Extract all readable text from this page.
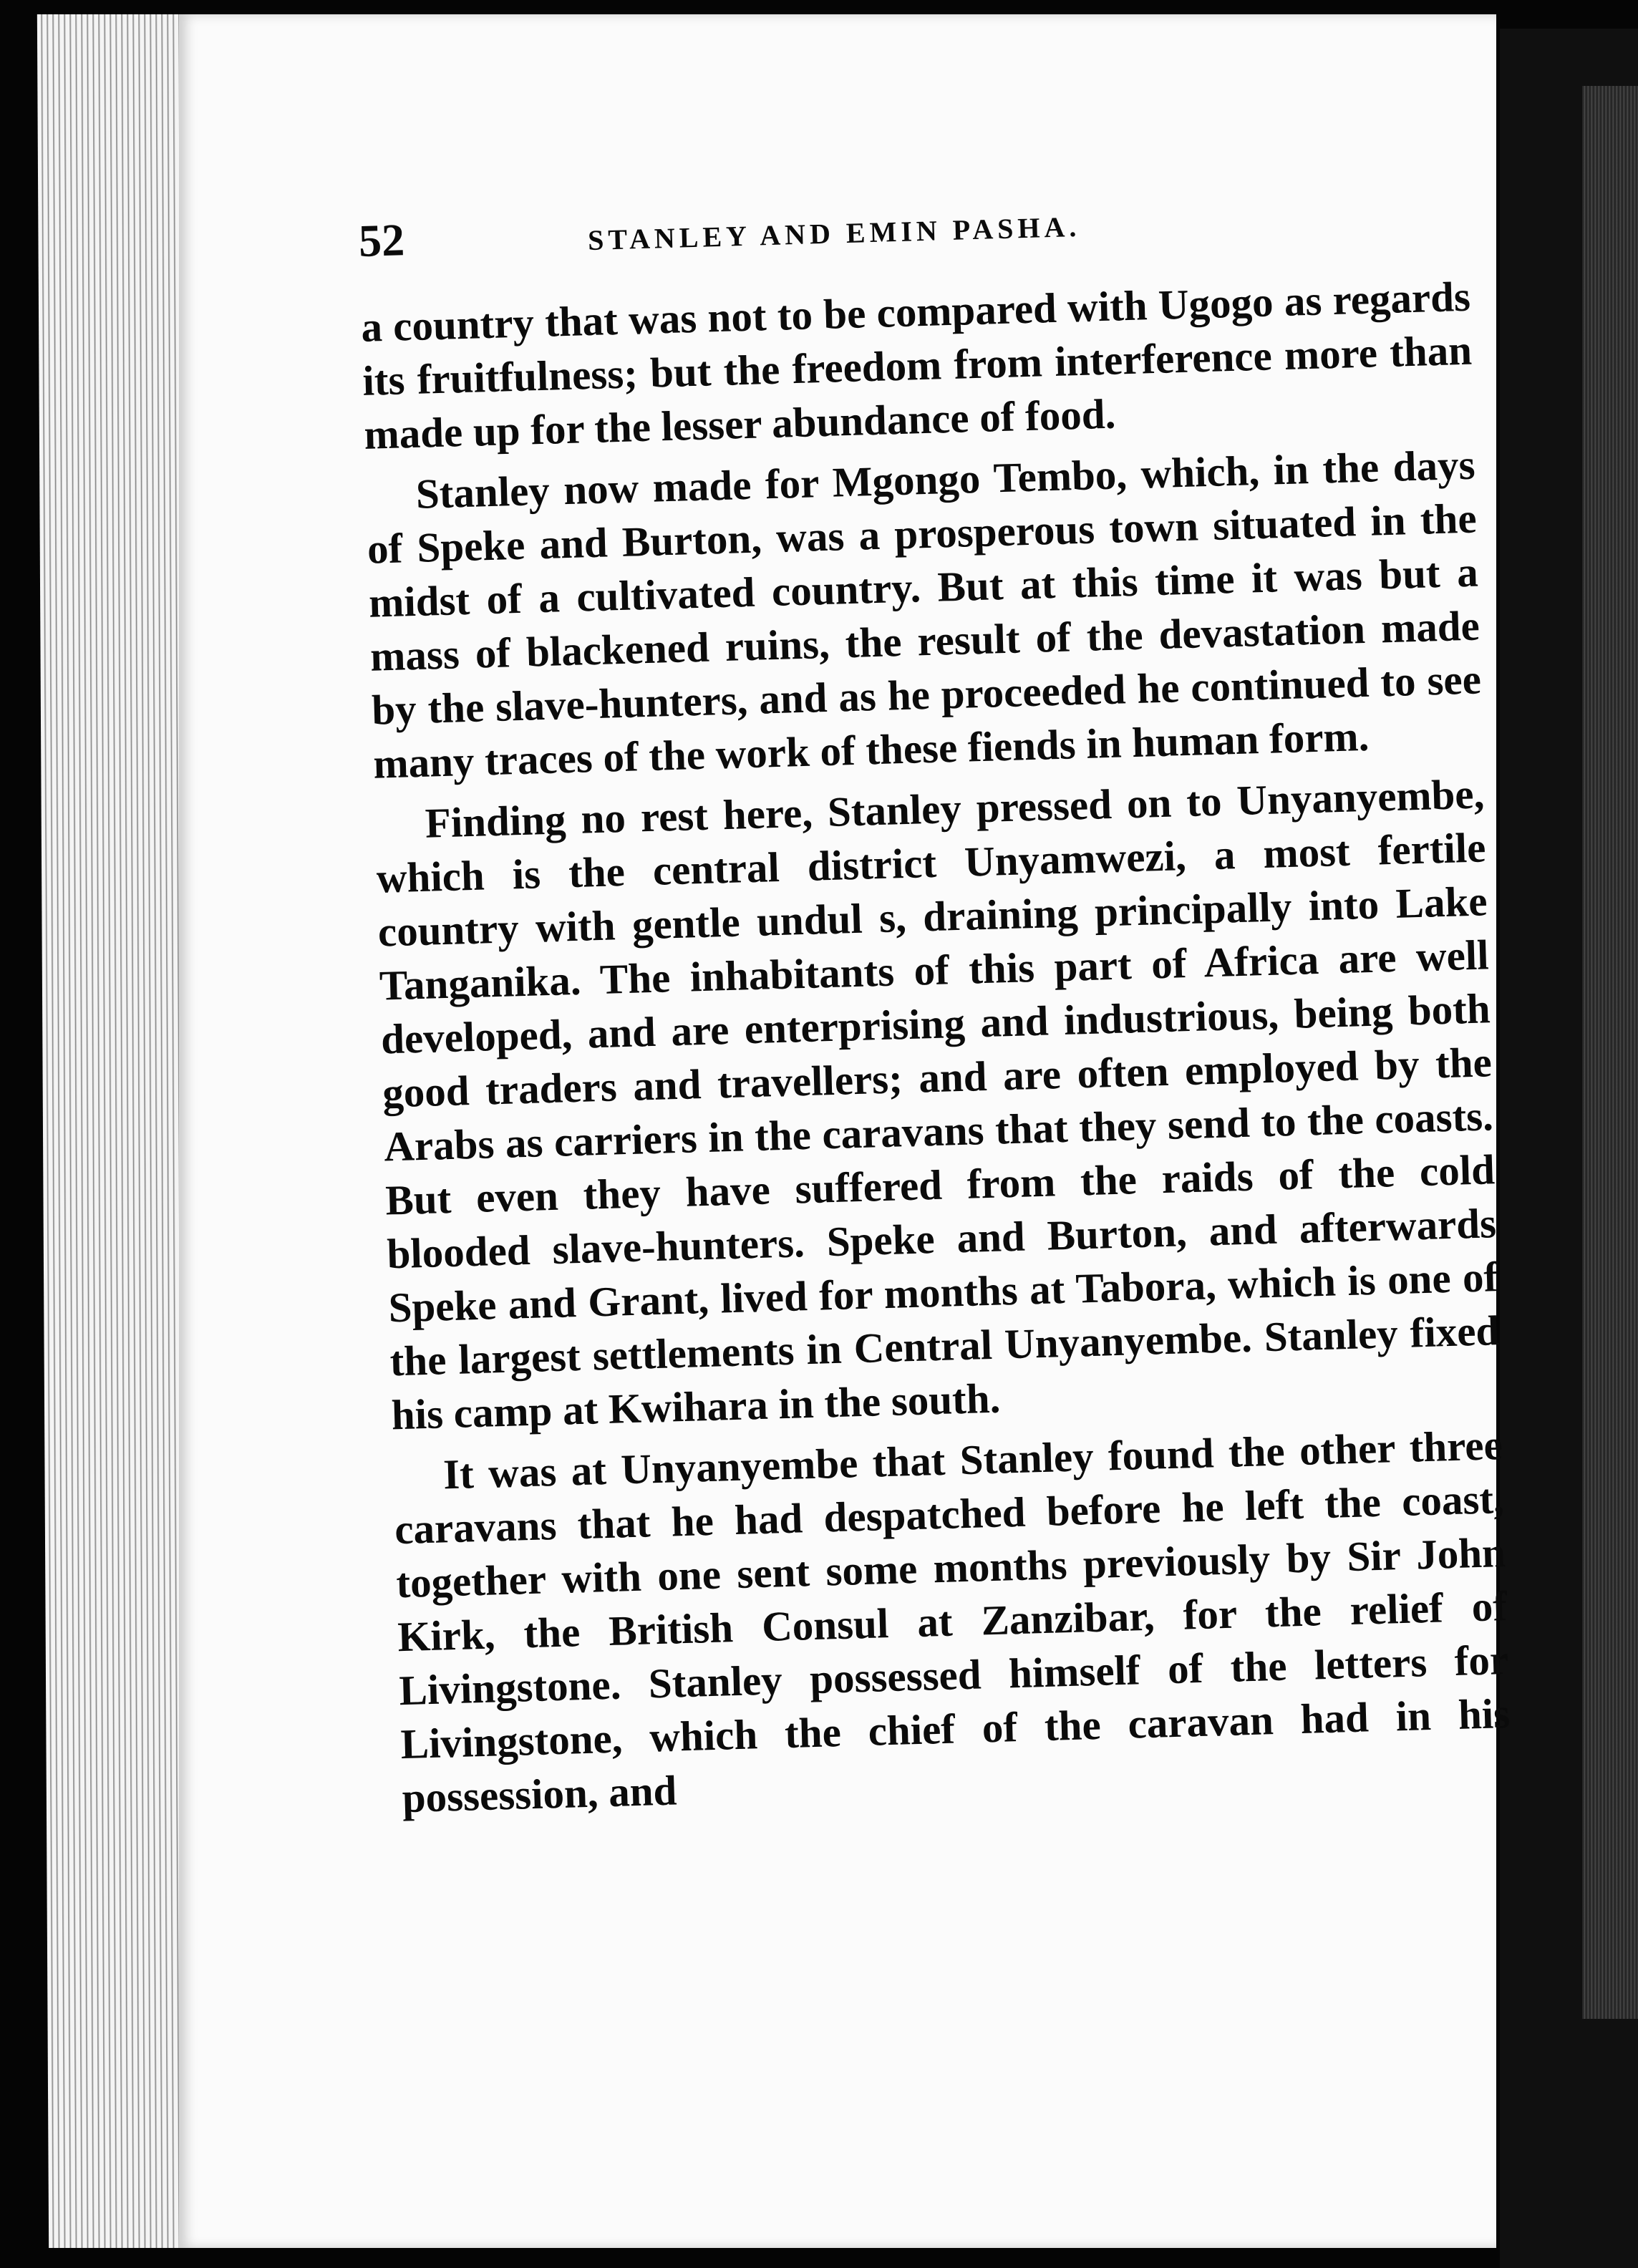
52	STANLEY AND EMIN PASHA.

a country that was not to be compared with Ugogo as regards its fruitfulness; but the freedom from interference more than made up for the lesser abundance of food.

Stanley now made for Mgongo Tembo, which, in the days of Speke and Burton, was a prosperous town situated in the midst of a cultivated country. But at this time it was but a mass of blackened ruins, the result of the devastation made by the slave-hunters, and as he proceeded he continued to see many traces of the work of these fiends in human form.

Finding no rest here, Stanley pressed on to Unyanyembe, which is the central district Unyamwezi, a most fertile country with gentle undul s, draining principally into Lake Tanganika. The inhabitants of this part of Africa are well developed, and are enterprising and industrious, being both good traders and travellers; and are often employed by the Arabs as carriers in the caravans that they send to the coasts. But even they have suffered from the raids of the cold blooded slave-hunters. Speke and Burton, and afterwards Speke and Grant, lived for months at Tabora, which is one of the largest settlements in Central Unyanyembe. Stanley fixed his camp at Kwihara in the south.

It was at Unyanyembe that Stanley found the other three caravans that he had despatched before he left the coast, together with one sent some months previously by Sir John Kirk, the British Consul at Zanzibar, for the relief of Livingstone. Stanley possessed himself of the letters for Livingstone, which the chief of the caravan had in his possession, and
